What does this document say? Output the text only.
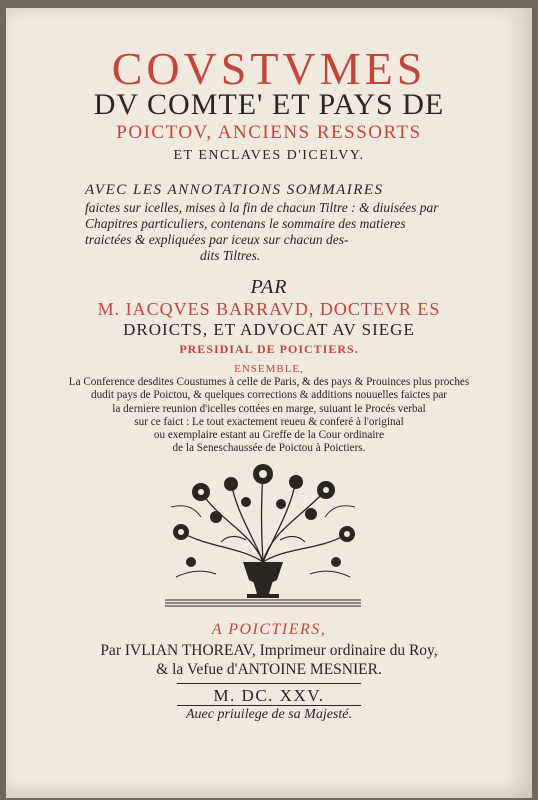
COVSTVMES
DV COMTE' ET PAYS DE
POICTOV, ANCIENS RESSORTS
ET ENCLAVES D'ICELVY.
AVEC LES ANNOTATIONS SOMMAIRES
faictes sur icelles, mises à la fin de chacun Tiltre : & diuisées par
Chapitres particuliers, contenans le sommaire des matieres
traictées & expliquées par iceux sur chacun des-
dits Tiltres.
PAR
M. IACQVES BARRAVD, DOCTEVR ES
DROICTS, ET ADVOCAT AV SIEGE
PRESIDIAL DE POICTIERS.
ENSEMBLE,
La Conference desdites Coustumes à celle de Paris, & des pays & Prouinces plus proches
dudit pays de Poictou, & quelques corrections & additions nouuelles faictes par
la derniere reunion d'icelles cottées en marge, suiuant le Procés verbal
sur ce faict : Le tout exactement reueu & conferé à l'original
ou exemplaire estant au Greffe de la Cour ordinaire
de la Seneschaussée de Poictou à Poictiers.
A POICTIERS,
Par IVLIAN THOREAV, Imprimeur ordinaire du Roy,
& la Vefue d'ANTOINE MESNIER.
M. DC. XXV.
Auec priuilege de sa Majesté.
